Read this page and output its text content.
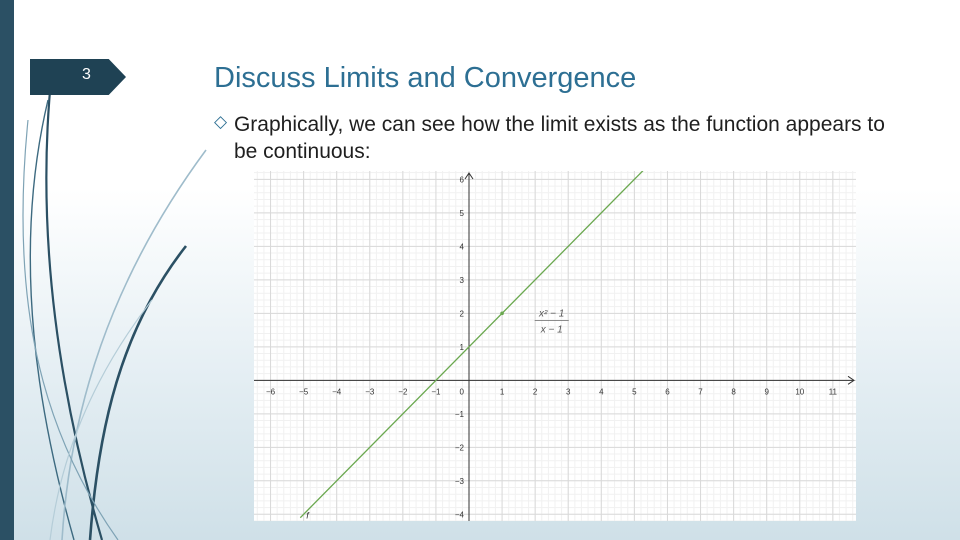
3	Discuss Limits and Convergence
◇ Graphically, we can see how the limit exists as the function appears to be continuous:
−6	−5	−4	−3	−2	−1	1	2	3	4	5	6	7	8	9	10	11
0
−4
−3
−2
−1
1
2
3
4
5
6
f
x² − 1
x − 1
